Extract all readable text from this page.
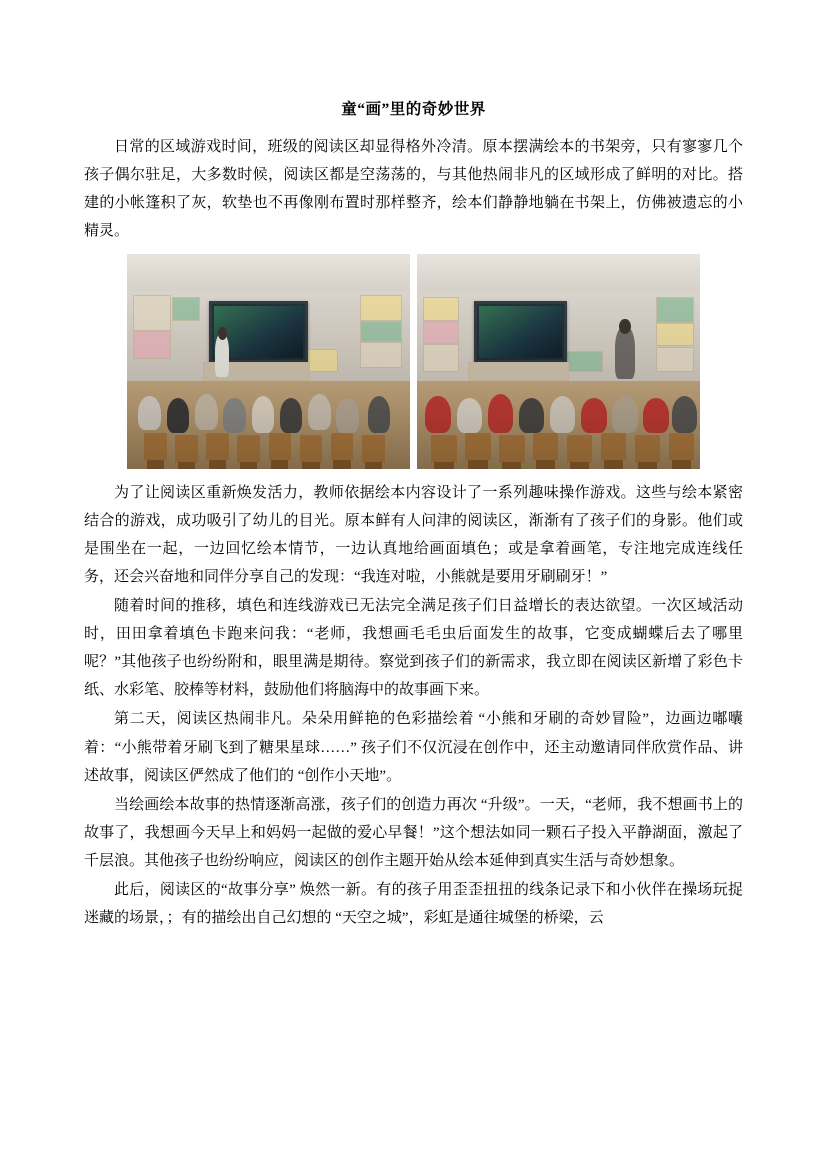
童“画”里的奇妙世界

日常的区域游戏时间，班级的阅读区却显得格外冷清。原本摆满绘本的书架旁，只有寥寥几个孩子偶尔驻足，大多数时候，阅读区都是空荡荡的，与其他热闹非凡的区域形成了鲜明的对比。搭建的小帐篷积了灰，软垫也不再像刚布置时那样整齐，绘本们静静地躺在书架上，仿佛被遗忘的小精灵。

为了让阅读区重新焕发活力，教师依据绘本内容设计了一系列趣味操作游戏。这些与绘本紧密结合的游戏，成功吸引了幼儿的目光。原本鲜有人问津的阅读区，渐渐有了孩子们的身影。他们或是围坐在一起，一边回忆绘本情节，一边认真地给画面填色；或是拿着画笔，专注地完成连线任务，还会兴奋地和同伴分享自己的发现：“我连对啦，小熊就是要用牙刷刷牙！”

随着时间的推移，填色和连线游戏已无法完全满足孩子们日益增长的表达欲望。一次区域活动时，田田拿着填色卡跑来问我：“老师，我想画毛毛虫后面发生的故事，它变成蝴蝶后去了哪里呢？”其他孩子也纷纷附和，眼里满是期待。察觉到孩子们的新需求，我立即在阅读区新增了彩色卡纸、水彩笔、胶棒等材料，鼓励他们将脑海中的故事画下来。

第二天，阅读区热闹非凡。朵朵用鲜艳的色彩描绘着 “小熊和牙刷的奇妙冒险”，边画边嘟囔着：“小熊带着牙刷飞到了糖果星球……” 孩子们不仅沉浸在创作中，还主动邀请同伴欣赏作品、讲述故事，阅读区俨然成了他们的 “创作小天地”。

当绘画绘本故事的热情逐渐高涨，孩子们的创造力再次 “升级”。一天，“老师，我不想画书上的故事了，我想画今天早上和妈妈一起做的爱心早餐！”这个想法如同一颗石子投入平静湖面，激起了千层浪。其他孩子也纷纷响应，阅读区的创作主题开始从绘本延伸到真实生活与奇妙想象。

此后，阅读区的“故事分享” 焕然一新。有的孩子用歪歪扭扭的线条记录下和小伙伴在操场玩捉迷藏的场景，；有的描绘出自己幻想的 “天空之城”，彩虹是通往城堡的桥梁，云
